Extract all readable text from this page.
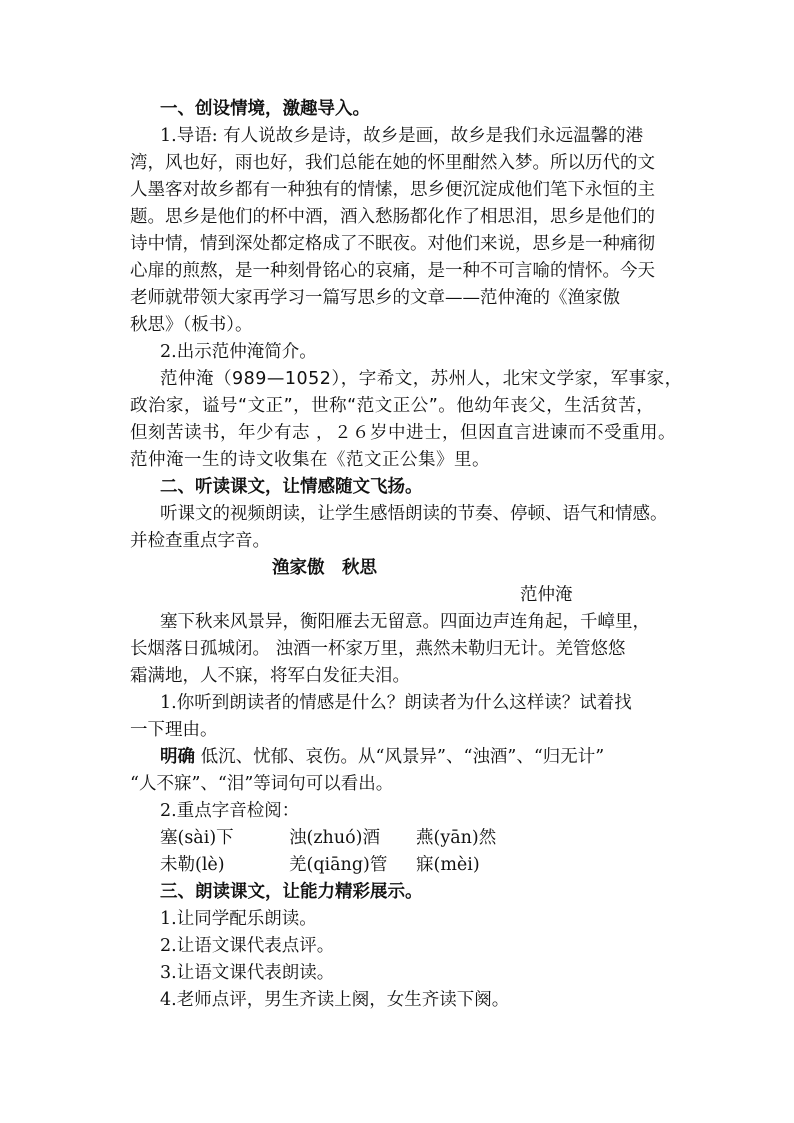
一、创设情境，激趣导入。
1.导语: 有人说故乡是诗，故乡是画，故乡是我们永远温馨的港
湾，风也好，雨也好，我们总能在她的怀里酣然入梦。所以历代的文
人墨客对故乡都有一种独有的情愫，思乡便沉淀成他们笔下永恒的主
题。思乡是他们的杯中酒，酒入愁肠都化作了相思泪，思乡是他们的
诗中情，情到深处都定格成了不眠夜。对他们来说，思乡是一种痛彻
心扉的煎熬，是一种刻骨铭心的哀痛，是一种不可言喻的情怀。今天
老师就带领大家再学习一篇写思乡的文章——范仲淹的《渔家傲
秋思》（板书）。
2.出示范仲淹简介。
范仲淹（989—1052），字希文，苏州人，北宋文学家，军事家，
政治家，谥号“文正”，世称“范文正公”。他幼年丧父，生活贫苦，
但刻苦读书，年少有志 ，２６岁中进士，但因直言进谏而不受重用。
范仲淹一生的诗文收集在《范文正公集》里。
二、听读课文，让情感随文飞扬。
听课文的视频朗读，让学生感悟朗读的节奏、停顿、语气和情感。
并检查重点字音。
渔家傲　秋思
范仲淹
塞下秋来风景异，衡阳雁去无留意。四面边声连角起，千嶂里，
长烟落日孤城闭。 浊酒一杯家万里，燕然未勒归无计。羌管悠悠
霜满地，人不寐，将军白发征夫泪。
1.你听到朗读者的情感是什么？朗读者为什么这样读？试着找
一下理由。
明确 低沉、忧郁、哀伤。从“风景异”、“浊酒”、“归无计”
“人不寐”、“泪”等词句可以看出。
2.重点字音检阅：
塞(sài)下	浊(zhuó)酒	燕(yān)然
未勒(lè)	羌(qiāng)管	寐(mèi)
三、朗读课文，让能力精彩展示。
1.让同学配乐朗读。
2.让语文课代表点评。
3.让语文课代表朗读。
4.老师点评，男生齐读上阕，女生齐读下阕。
